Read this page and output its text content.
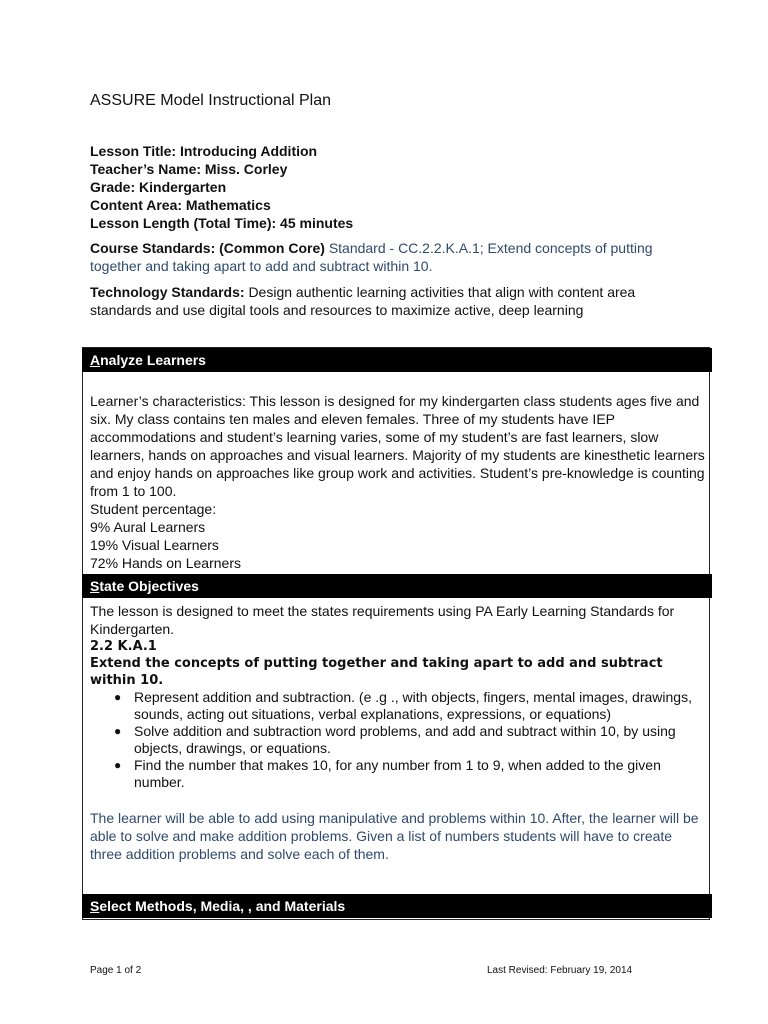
ASSURE Model Instructional Plan
Lesson Title: Introducing Addition
Teacher’s Name: Miss. Corley
Grade: Kindergarten
Content Area: Mathematics
Lesson Length (Total Time): 45 minutes
Course Standards: (Common Core) Standard - CC.2.2.K.A.1; Extend concepts of putting together and taking apart to add and subtract within 10.
Technology Standards: Design authentic learning activities that align with content area standards and use digital tools and resources to maximize active, deep learning
Analyze Learners
Learner’s characteristics: This lesson is designed for my kindergarten class students ages five and six. My class contains ten males and eleven females. Three of my students have IEP accommodations and student’s learning varies, some of my student’s are fast learners, slow learners, hands on approaches and visual learners. Majority of my students are kinesthetic learners and enjoy hands on approaches like group work and activities. Student’s pre-knowledge is counting from 1 to 100.
Student percentage:
9% Aural Learners
19% Visual Learners
72% Hands on Learners
State Objectives
The lesson is designed to meet the states requirements using PA Early Learning Standards for Kindergarten.
2.2 K.A.1
Extend the concepts of putting together and taking apart to add and subtract within 10.
● Represent addition and subtraction. (e .g ., with objects, fingers, mental images, drawings, sounds, acting out situations, verbal explanations, expressions, or equations)
● Solve addition and subtraction word problems, and add and subtract within 10, by using objects, drawings, or equations.
● Find the number that makes 10, for any number from 1 to 9, when added to the given number.
The learner will be able to add using manipulative and problems within 10. After, the learner will be able to solve and make addition problems. Given a list of numbers students will have to create three addition problems and solve each of them.
Select Methods, Media, , and Materials
Page 1 of 2	Last Revised: February 19, 2014
